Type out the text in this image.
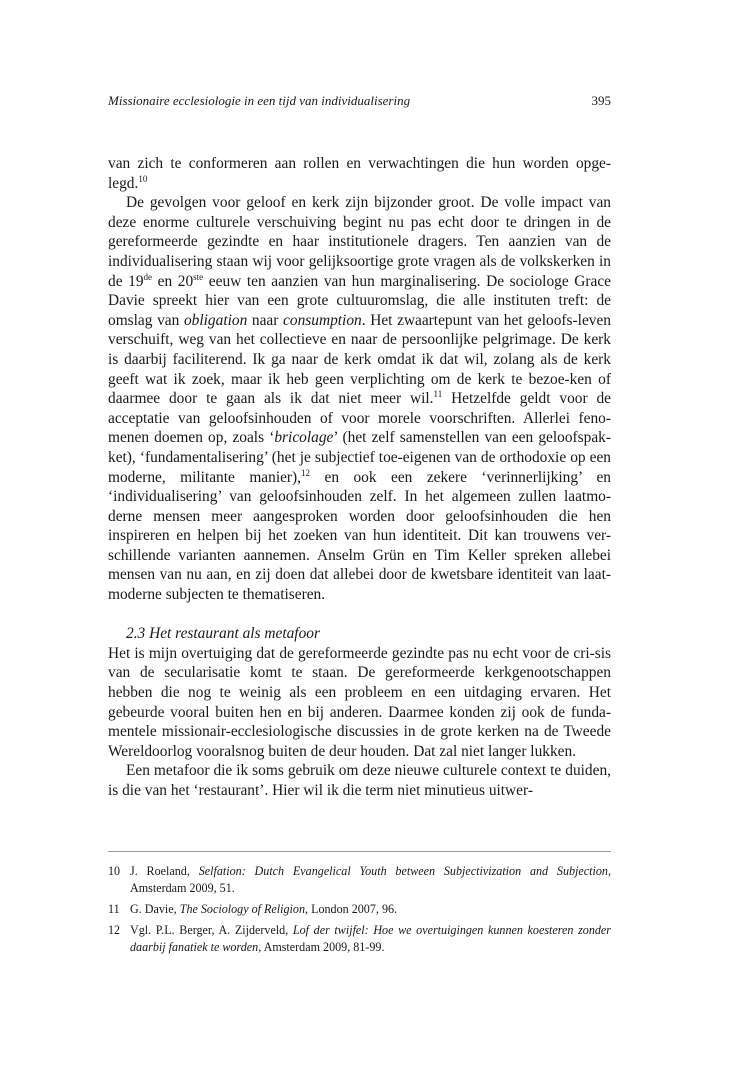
Missionaire ecclesiologie in een tijd van individualisering	395

van zich te conformeren aan rollen en verwachtingen die hun worden opge-legd.$^{10}$

De gevolgen voor geloof en kerk zijn bijzonder groot. De volle impact van deze enorme culturele verschuiving begint nu pas echt door te dringen in de gereformeerde gezindte en haar institutionele dragers. Ten aanzien van de individualisering staan wij voor gelijksoortige grote vragen als de volkskerken in de 19de en 20ste eeuw ten aanzien van hun marginalisering. De sociologe Grace Davie spreekt hier van een grote cultuuromslag, die alle instituten treft: de omslag van obligation naar consumption. Het zwaartepunt van het geloofs-leven verschuift, weg van het collectieve en naar de persoonlijke pelgrimage. De kerk is daarbij faciliterend. Ik ga naar de kerk omdat ik dat wil, zolang als de kerk geeft wat ik zoek, maar ik heb geen verplichting om de kerk te bezoe-ken of daarmee door te gaan als ik dat niet meer wil.$^{11}$ Hetzelfde geldt voor de acceptatie van geloofsinhouden of voor morele voorschriften. Allerlei feno-menen doemen op, zoals ‘bricolage’ (het zelf samenstellen van een geloofspak-ket), ‘fundamentalisering’ (het je subjectief toe-eigenen van de orthodoxie op een moderne, militante manier),$^{12}$ en ook een zekere ‘verinnerlijking’ en ‘individualisering’ van geloofsinhouden zelf. In het algemeen zullen laatmo-derne mensen meer aangesproken worden door geloofsinhouden die hen inspireren en helpen bij het zoeken van hun identiteit. Dit kan trouwens ver-schillende varianten aannemen. Anselm Grün en Tim Keller spreken allebei mensen van nu aan, en zij doen dat allebei door de kwetsbare identiteit van laat-moderne subjecten te thematiseren.

2.3 Het restaurant als metafoor

Het is mijn overtuiging dat de gereformeerde gezindte pas nu echt voor de cri-sis van de secularisatie komt te staan. De gereformeerde kerkgenootschappen hebben die nog te weinig als een probleem en een uitdaging ervaren. Het gebeurde vooral buiten hen en bij anderen. Daarmee konden zij ook de funda-mentele missionair-ecclesiologische discussies in de grote kerken na de Tweede Wereldoorlog vooralsnog buiten de deur houden. Dat zal niet langer lukken.

Een metafoor die ik soms gebruik om deze nieuwe culturele context te duiden, is die van het ‘restaurant’. Hier wil ik die term niet minutieus uitwer-

10 J. Roeland, Selfation: Dutch Evangelical Youth between Subjectivization and Subjection, Amsterdam 2009, 51.
11 G. Davie, The Sociology of Religion, London 2007, 96.
12 Vgl. P.L. Berger, A. Zijderveld, Lof der twijfel: Hoe we overtuigingen kunnen koesteren zonder daarbij fanatiek te worden, Amsterdam 2009, 81-99.
